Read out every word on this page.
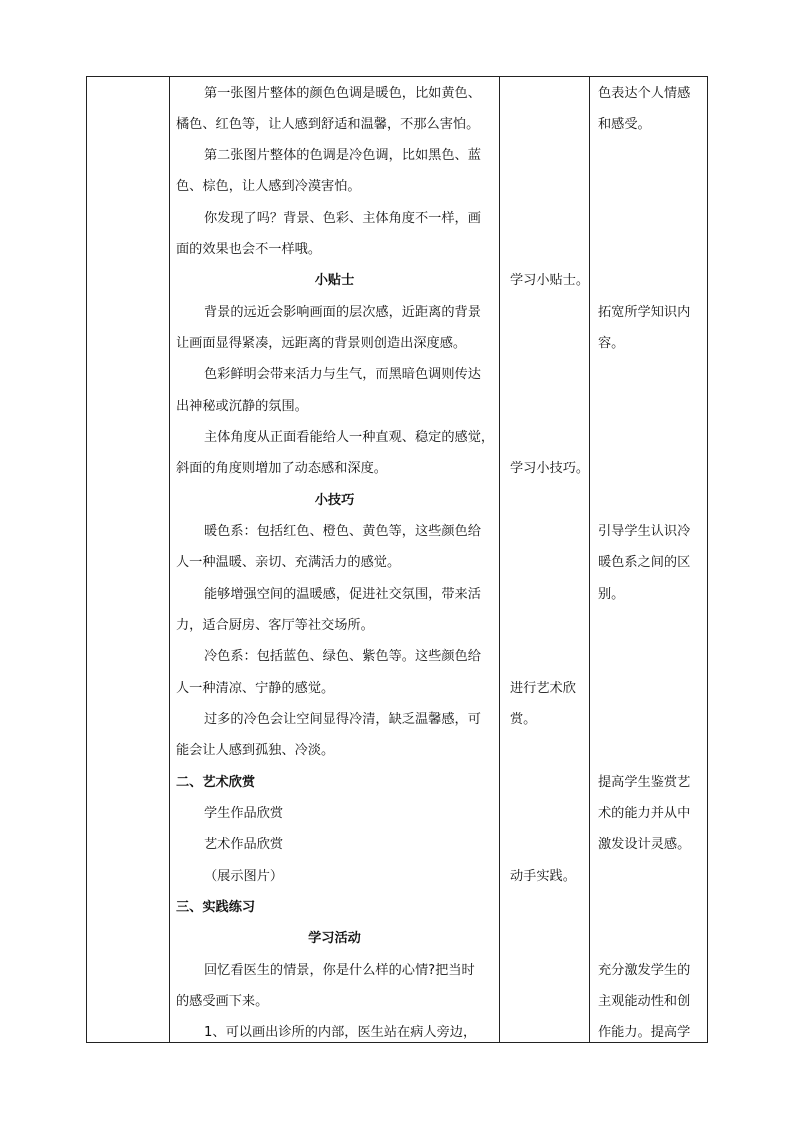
第一张图片整体的颜色色调是暖色，比如黄色、
橘色、红色等，让人感到舒适和温馨，不那么害怕。
第二张图片整体的色调是冷色调，比如黑色、蓝
色、棕色，让人感到冷漠害怕。
你发现了吗？背景、色彩、主体角度不一样，画
面的效果也会不一样哦。
小贴士
背景的远近会影响画面的层次感，近距离的背景
让画面显得紧凑，远距离的背景则创造出深度感。
色彩鲜明会带来活力与生气，而黑暗色调则传达
出神秘或沉静的氛围。
主体角度从正面看能给人一种直观、稳定的感觉，
斜面的角度则增加了动态感和深度。
小技巧
暖色系：包括红色、橙色、黄色等，这些颜色给
人一种温暖、亲切、充满活力的感觉。
能够增强空间的温暖感，促进社交氛围，带来活
力，适合厨房、客厅等社交场所。
冷色系：包括蓝色、绿色、紫色等。这些颜色给
人一种清凉、宁静的感觉。
过多的冷色会让空间显得冷清，缺乏温馨感，可
能会让人感到孤独、冷淡。
二、艺术欣赏
学生作品欣赏
艺术作品欣赏
（展示图片）
三、实践练习
学习活动
回忆看医生的情景，你是什么样的心情?把当时
的感受画下来。
1、可以画出诊所的内部，医生站在病人旁边，
学习小贴士。
学习小技巧。
进行艺术欣
赏。
动手实践。
色表达个人情感
和感受。
拓宽所学知识内
容。
引导学生认识冷
暖色系之间的区
别。
提高学生鉴赏艺
术的能力并从中
激发设计灵感。
充分激发学生的
主观能动性和创
作能力。提高学
